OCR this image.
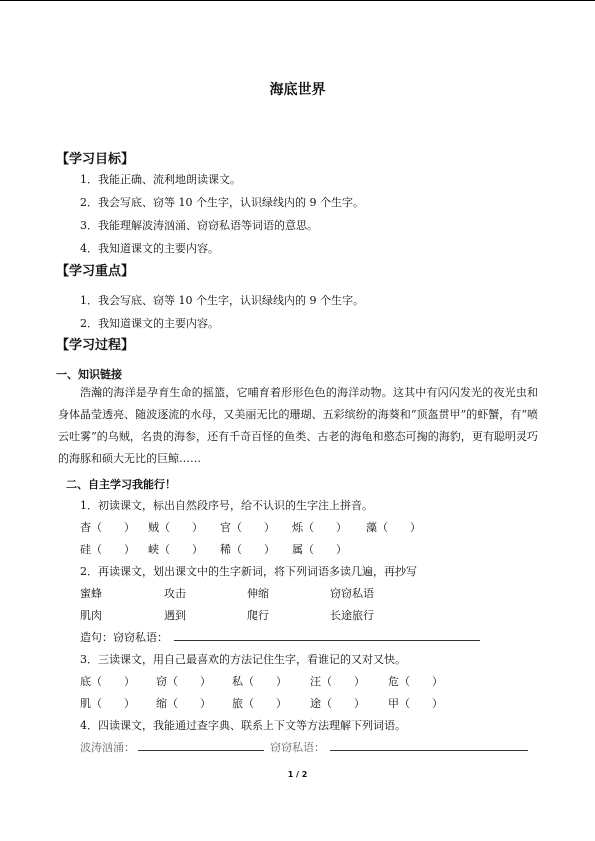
海底世界
【学习目标】
1．我能正确、流利地朗读课文。
2．我会写底、窃等 10 个生字，认识绿线内的 9 个生字。
3．我能理解波涛汹涌、窃窃私语等词语的意思。
4．我知道课文的主要内容。
【学习重点】
1．我会写底、窃等 10 个生字，认识绿线内的 9 个生字。
2．我知道课文的主要内容。
【学习过程】
一、知识链接
浩瀚的海洋是孕育生命的摇篮，它哺育着形形色色的海洋动物。这其中有闪闪发光的夜光虫和身体晶莹透亮、随波逐流的水母，又美丽无比的珊瑚、五彩缤纷的海葵和“顶盔贯甲”的虾蟹，有“喷云吐雾”的乌贼，名贵的海参，还有千奇百怪的鱼类、古老的海龟和憨态可掬的海豹，更有聪明灵巧的海豚和硕大无比的巨鲸……
二、自主学习我能行！
1．初读课文，标出自然段序号，给不认识的生字注上拼音。
杳（　　） 贼（　　） 官（　　） 烁（　　） 藻（　　）
硅（　　） 峡（　　） 稀（　　） 属（　　）
2．再读课文，划出课文中的生字新词，将下列词语多读几遍，再抄写
蜜蜂	攻击	伸缩	窃窃私语
肌肉	遇到	爬行	长途旅行
造句：窃窃私语：
3．三读课文，用自己最喜欢的方法记住生字，看谁记的又对又快。
底（　　） 窃（　　） 私（　　） 汪（　　） 危（　　）
肌（　　） 缩（　　） 旅（　　） 途（　　） 甲（　　）
4．四读课文，我能通过查字典、联系上下文等方法理解下列词语。
波涛汹涌：	窃窃私语：
1 / 2
